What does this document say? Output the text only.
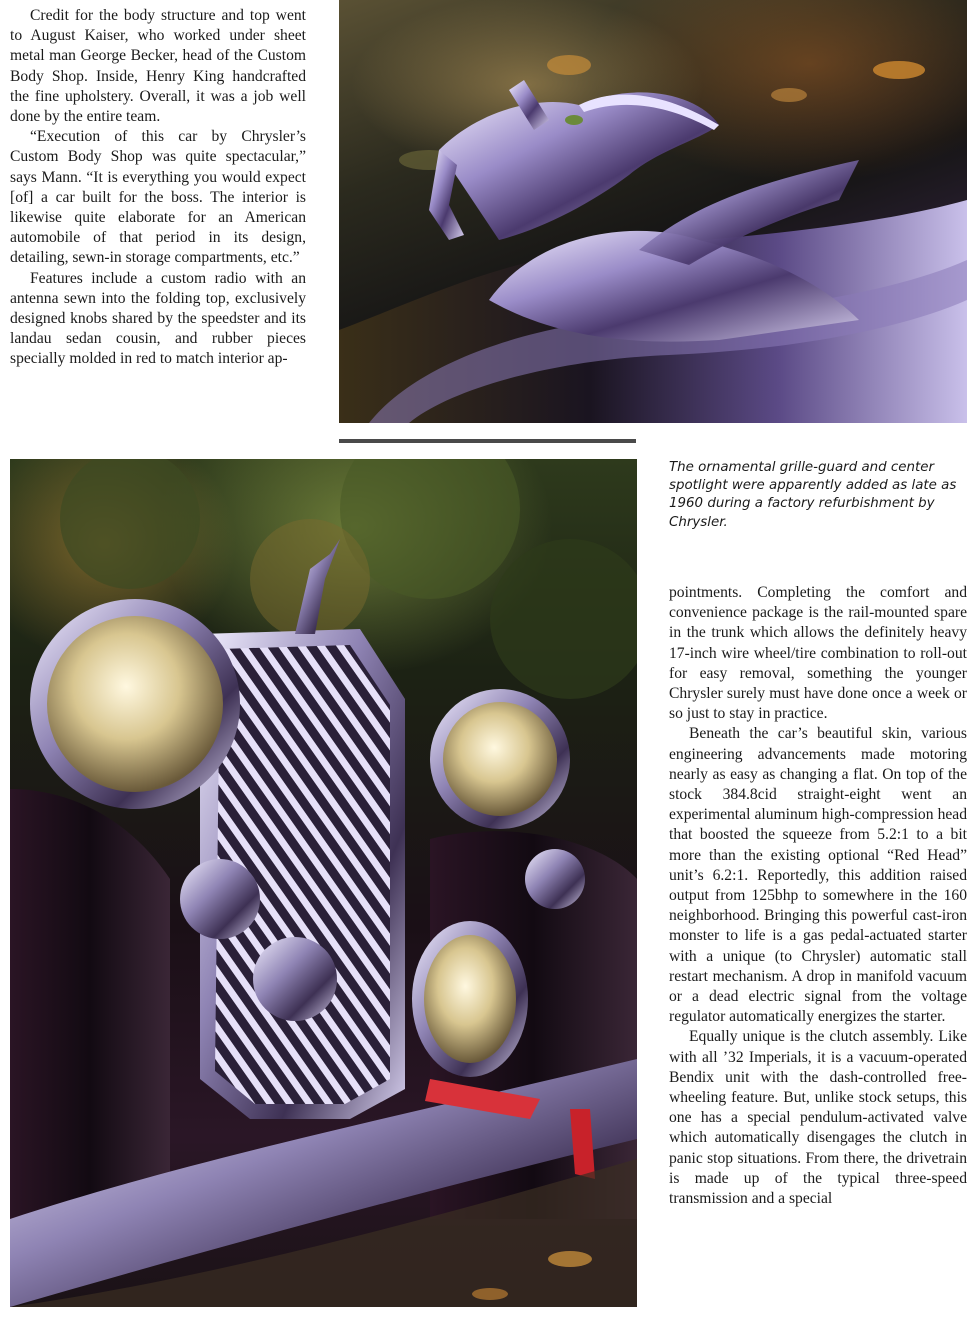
Credit for the body structure and top went to August Kaiser, who worked under sheet metal man George Becker, head of the Custom Body Shop. Inside, Henry King handcrafted the fine upholstery. Overall, it was a job well done by the entire team.

“Execution of this car by Chrysler’s Custom Body Shop was quite spectacular,” says Mann. “It is everything you would expect [of] a car built for the boss. The interior is likewise quite elaborate for an American automobile of that period in its design, detailing, sewn-in storage compartments, etc.”

Features include a custom radio with an antenna sewn into the folding top, exclusively designed knobs shared by the speedster and its landau sedan cousin, and rubber pieces specially molded in red to match interior ap-

The ornamental grille-guard and center spotlight were apparently added as late as 1960 during a factory refurbishment by Chrysler.

pointments. Completing the comfort and convenience package is the rail-mounted spare in the trunk which allows the definitely heavy 17-inch wire wheel/tire combination to roll-out for easy removal, something the younger Chrysler surely must have done once a week or so just to stay in practice.

Beneath the car’s beautiful skin, various engineering advancements made motoring nearly as easy as changing a flat. On top of the stock 384.8cid straight-eight went an experimental aluminum high-compression head that boosted the squeeze from 5.2:1 to a bit more than the existing optional “Red Head” unit’s 6.2:1. Reportedly, this addition raised output from 125bhp to somewhere in the 160 neighborhood. Bringing this powerful cast-iron monster to life is a gas pedal-actuated starter with a unique (to Chrysler) automatic stall restart mechanism. A drop in manifold vacuum or a dead electric signal from the voltage regulator automatically energizes the starter.

Equally unique is the clutch assembly. Like with all ’32 Imperials, it is a vacuum-operated Bendix unit with the dash-controlled free-wheeling feature. But, unlike stock setups, this one has a special pendulum-activated valve which automatically disengages the clutch in panic stop situations. From there, the drivetrain is made up of the typical three-speed transmission and a special
